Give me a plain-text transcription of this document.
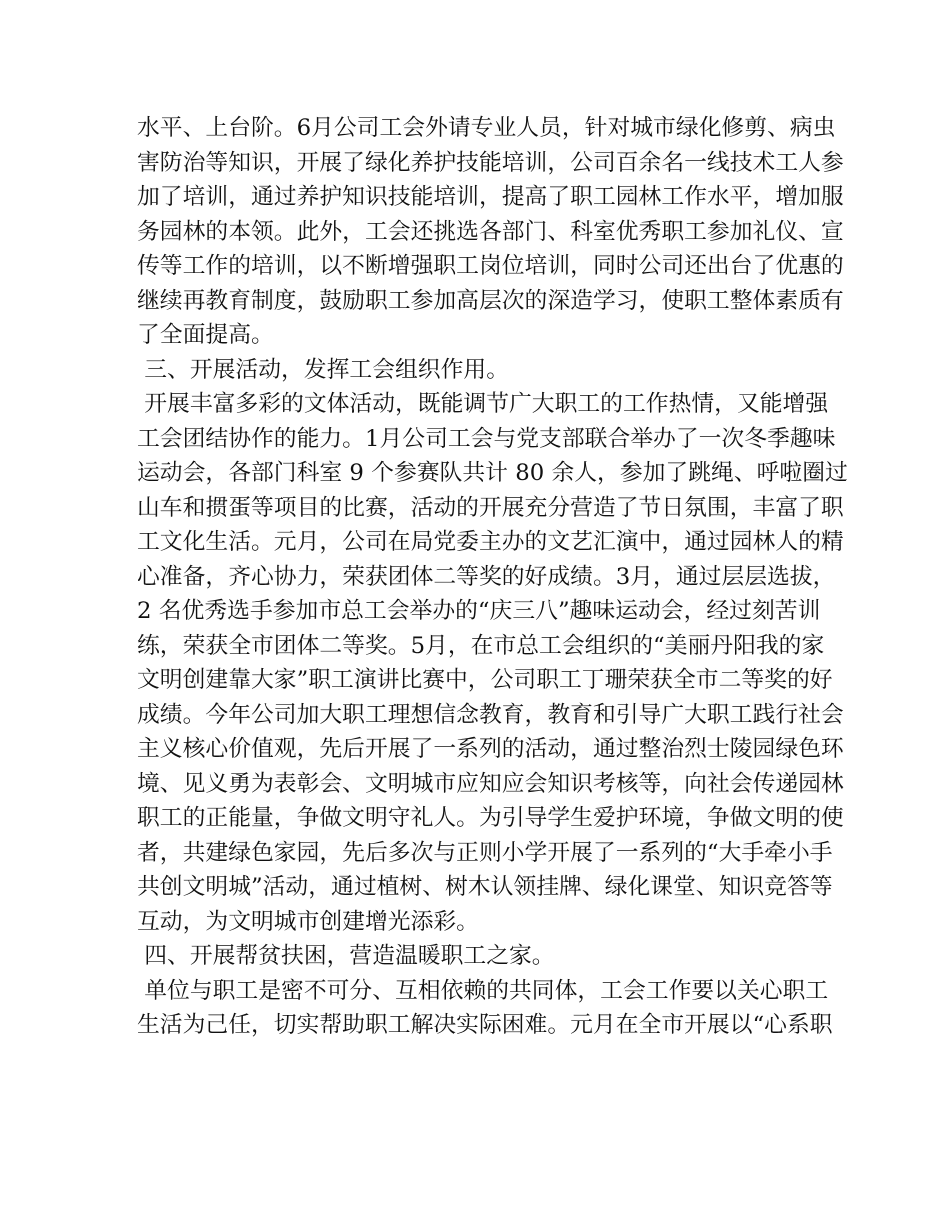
水平、上台阶。6月公司工会外请专业人员，针对城市绿化修剪、病虫
害防治等知识，开展了绿化养护技能培训，公司百余名一线技术工人参
加了培训，通过养护知识技能培训，提高了职工园林工作水平，增加服
务园林的本领。此外，工会还挑选各部门、科室优秀职工参加礼仪、宣
传等工作的培训，以不断增强职工岗位培训，同时公司还出台了优惠的
继续再教育制度，鼓励职工参加高层次的深造学习，使职工整体素质有
了全面提高。
三、开展活动，发挥工会组织作用。
开展丰富多彩的文体活动，既能调节广大职工的工作热情，又能增强
工会团结协作的能力。1月公司工会与党支部联合举办了一次冬季趣味
运动会，各部门科室 9 个参赛队共计 80 余人，参加了跳绳、呼啦圈过
山车和掼蛋等项目的比赛，活动的开展充分营造了节日氛围，丰富了职
工文化生活。元月，公司在局党委主办的文艺汇演中，通过园林人的精
心准备，齐心协力，荣获团体二等奖的好成绩。3月，通过层层选拔，
2 名优秀选手参加市总工会举办的“庆三八”趣味运动会，经过刻苦训
练，荣获全市团体二等奖。5月，在市总工会组织的“美丽丹阳我的家
文明创建靠大家”职工演讲比赛中，公司职工丁珊荣获全市二等奖的好
成绩。今年公司加大职工理想信念教育，教育和引导广大职工践行社会
主义核心价值观，先后开展了一系列的活动，通过整治烈士陵园绿色环
境、见义勇为表彰会、文明城市应知应会知识考核等，向社会传递园林
职工的正能量，争做文明守礼人。为引导学生爱护环境，争做文明的使
者，共建绿色家园，先后多次与正则小学开展了一系列的“大手牵小手
共创文明城”活动，通过植树、树木认领挂牌、绿化课堂、知识竞答等
互动，为文明城市创建增光添彩。
四、开展帮贫扶困，营造温暖职工之家。
单位与职工是密不可分、互相依赖的共同体，工会工作要以关心职工
生活为己任，切实帮助职工解决实际困难。元月在全市开展以“心系职
